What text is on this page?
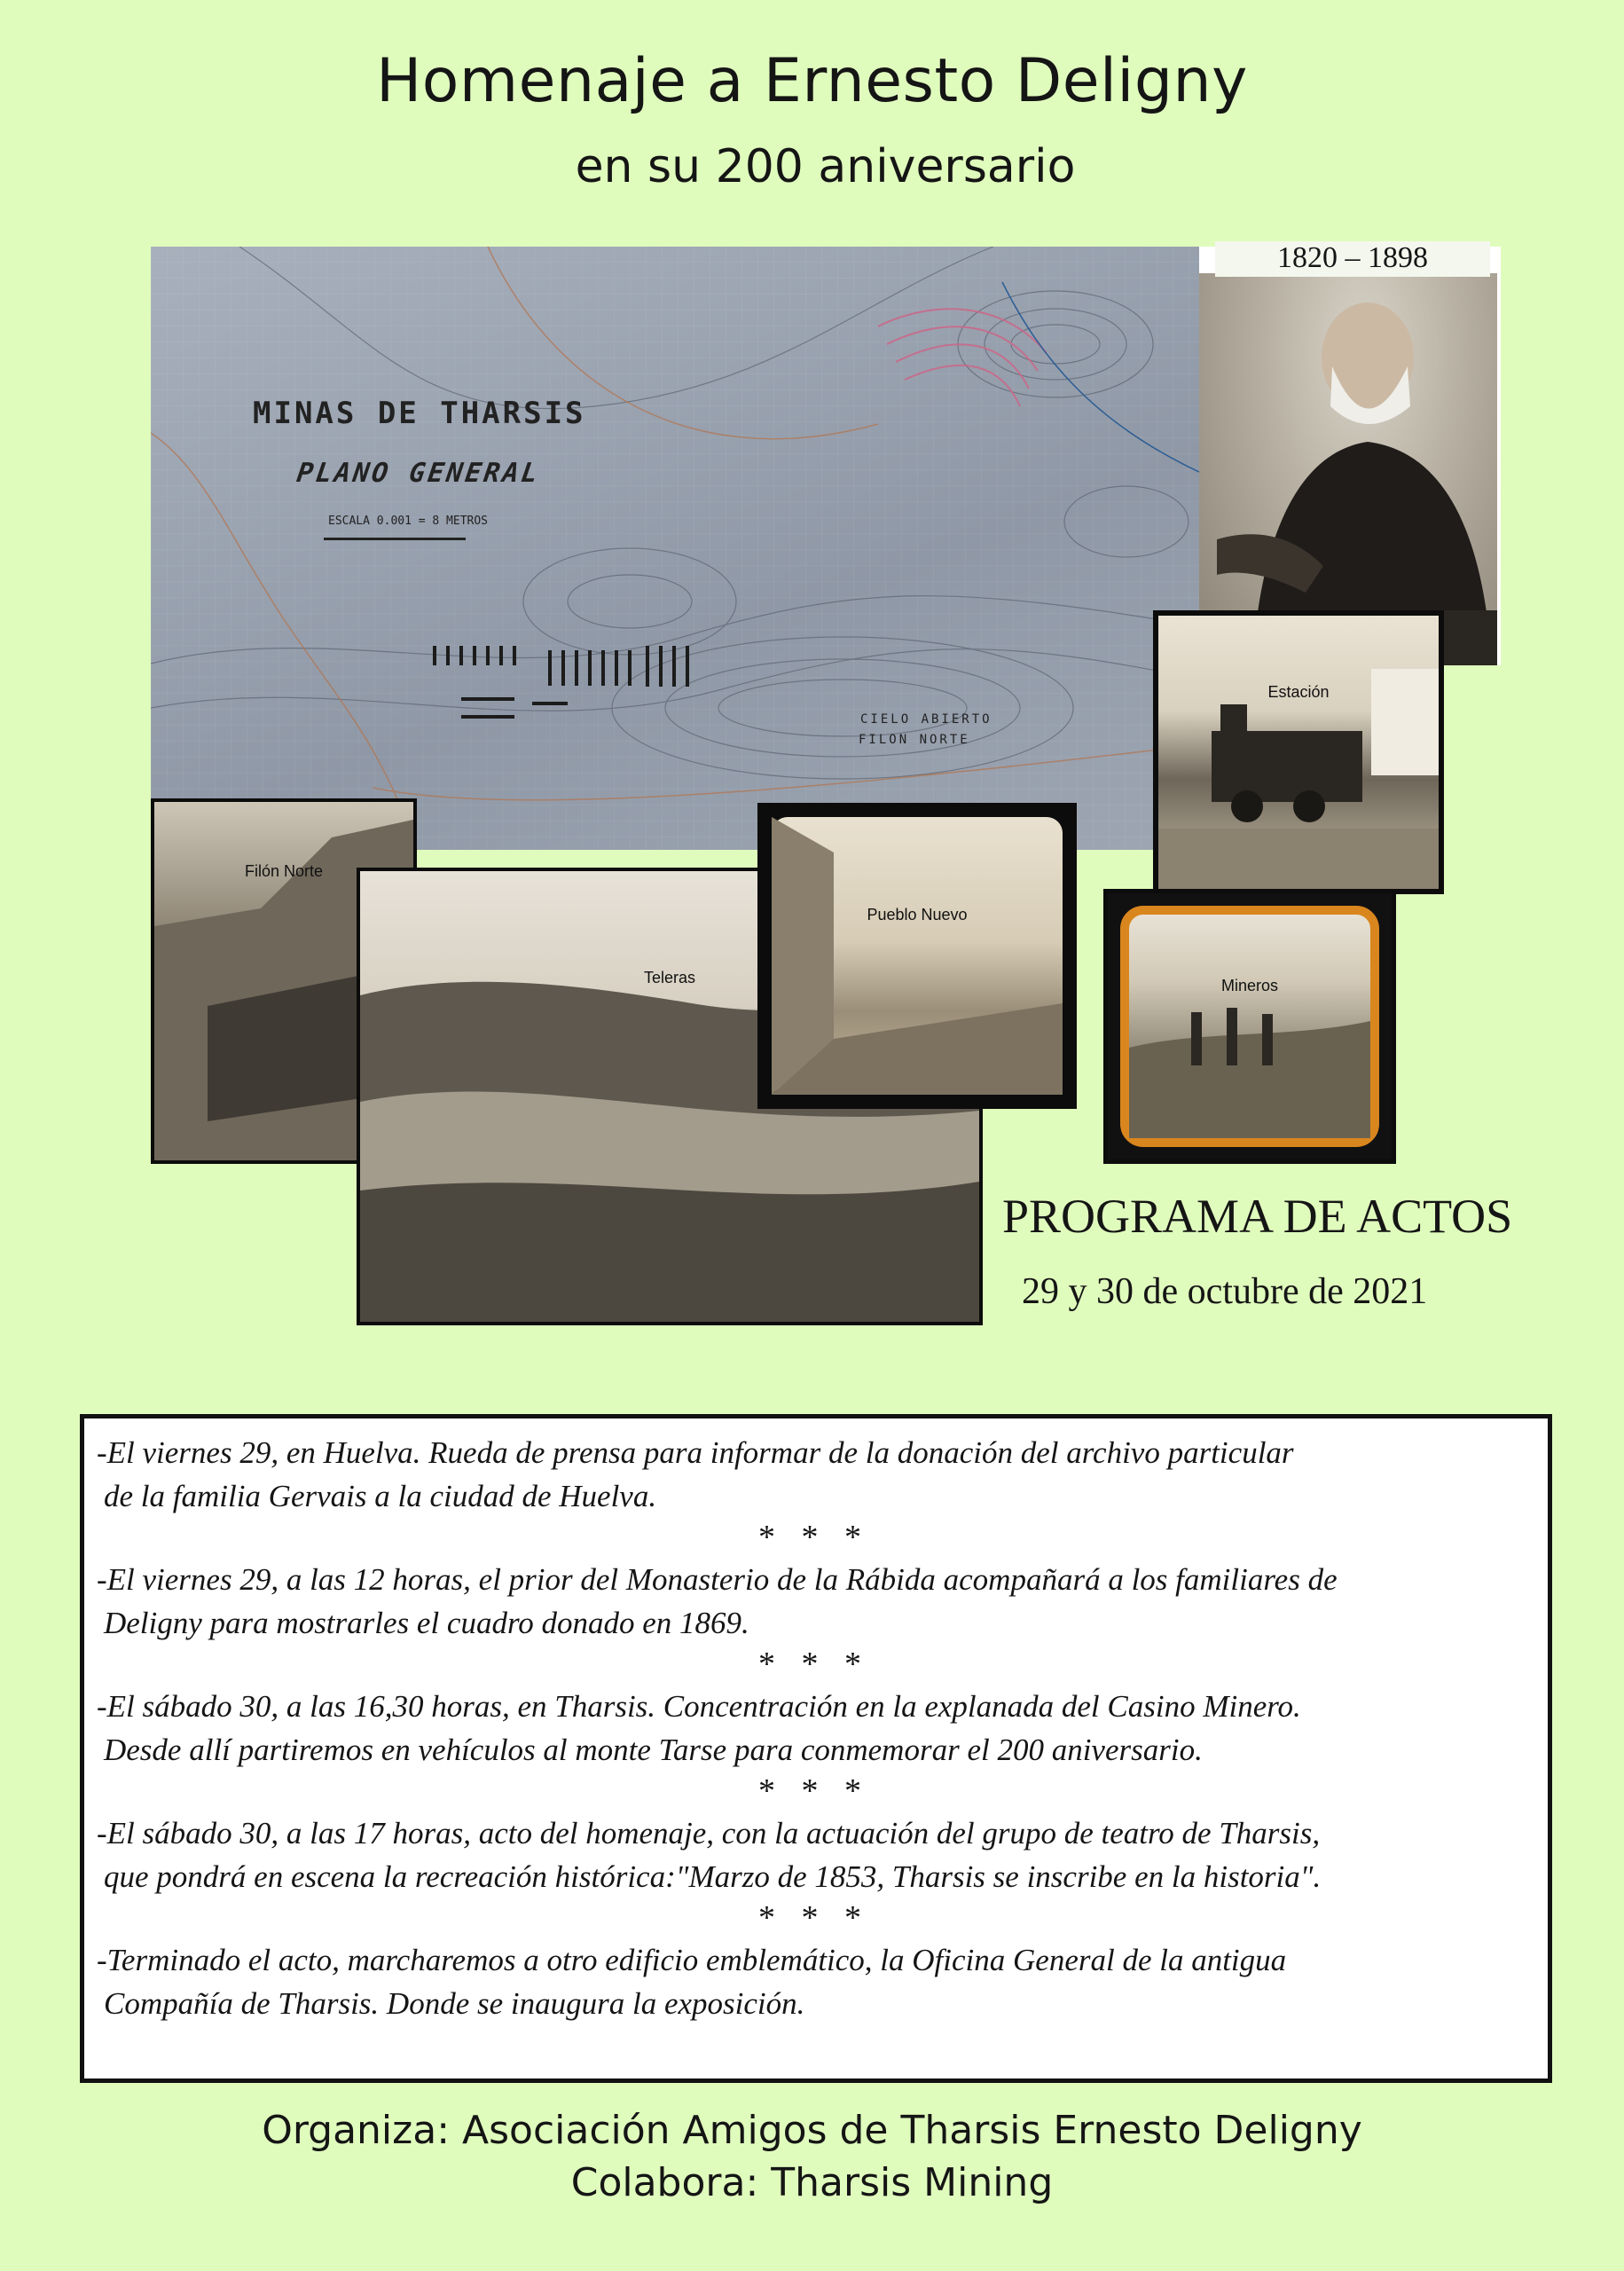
Homenaje a Ernesto Deligny
en su 200 aniversario
MINAS DE THARSIS
PLANO GENERAL
ESCALA 0.001 = 8 METROS
CIELO ABIERTO
FILON NORTE
1820 – 1898
Estación
Filón Norte
Teleras
Pueblo Nuevo
Mineros
PROGRAMA DE ACTOS
29 y 30 de octubre de 2021
-El viernes 29, en Huelva. Rueda de prensa para informar de la donación del archivo particular
de la familia Gervais a la ciudad de Huelva.
* * *
-El viernes 29, a las 12 horas, el prior del Monasterio de la Rábida acompañará a los familiares de
Deligny para mostrarles el cuadro donado en 1869.
* * *
-El sábado 30, a las 16,30 horas, en Tharsis. Concentración en la explanada del Casino Minero.
Desde allí partiremos en vehículos al monte Tarse para conmemorar el 200 aniversario.
* * *
-El sábado 30, a las 17 horas, acto del homenaje, con la actuación del grupo de teatro de Tharsis,
que pondrá en escena la recreación histórica:"Marzo de 1853, Tharsis se inscribe en la historia".
* * *
-Terminado el acto, marcharemos a otro edificio emblemático, la Oficina General de la antigua
Compañía de Tharsis. Donde se inaugura la exposición.
Organiza: Asociación Amigos de Tharsis Ernesto Deligny
Colabora: Tharsis Mining
